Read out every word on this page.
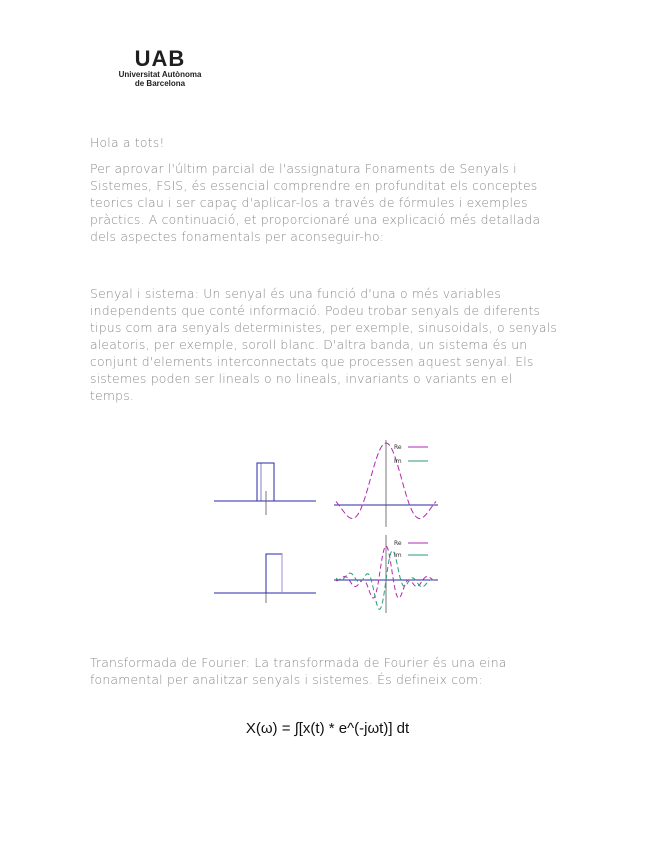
UAB
Universitat Autònoma
de Barcelona
Hola a tots!
Per aprovar l'últim parcial de l'assignatura Fonaments de Senyals i Sistemes, FSIS, és essencial comprendre en profunditat els conceptes teorics clau i ser capaç d'aplicar-los a través de fórmules i exemples pràctics. A continuació, et proporcionaré una explicació més detallada dels aspectes fonamentals per aconseguir-ho:
Senyal i sistema: Un senyal és una funció d'una o més variables independents que conté informació. Podeu trobar senyals de diferents tipus com ara senyals deterministes, per exemple, sinusoidals, o senyals aleatoris, per exemple, soroll blanc. D'altra banda, un sistema és un conjunt d'elements interconnectats que processen aquest senyal. Els sistemes poden ser lineals o no lineals, invariants o variants en el temps.
Re
Im
Re
Im
Transformada de Fourier: La transformada de Fourier és una eina fonamental per analitzar senyals i sistemes. És defineix com:
X(ω) = ∫[x(t) * e^(-jωt)] dt
